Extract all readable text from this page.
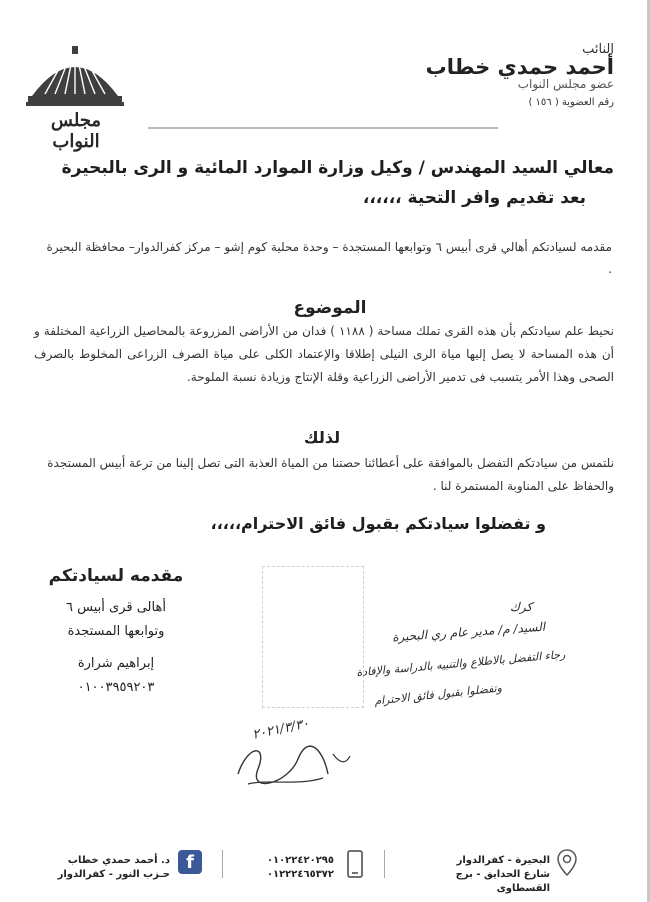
مجلس النواب
النائب
أحمد حمدي خطاب
عضو مجلس النواب
رقم العضوية ( ١٥٦ )
معالي السيد المهندس / وكيل وزارة الموارد المائية و الرى بالبحيرة
بعد تقديم وافر التحية ،،،،،،
مقدمه لسيادتكم أهالي قرى أبيس ٦ وتوابعها المستجدة – وحدة محلية كوم إشو – مركز كفرالدوار– محافظة البحيرة .
الموضوع
نحيط علم سيادتكم بأن هذه القرى تملك مساحة ( ١١٨٨ ) فدان من الأراضى المزروعة بالمحاصيل الزراعية المختلفة و أن هذه المساحة لا يصل إليها مياة الرى النيلى إطلاقا والإعتماد الكلى على مياة الصرف الزراعى المخلوط بالصرف الصحى وهذا الأمر يتسبب فى تدمير الأراضى الزراعية وقلة الإنتاج وزيادة نسبة الملوحة.
لذلك
نلتمس من سيادتكم التفضل بالموافقة على أعطائنا حصتنا من المياة العذبة التى تصل إلينا من ترعة أبيس المستجدة والحفاظ على المناوبة المستمرة لنا .
و تفضلوا سيادتكم بقبول فائق الاحترام،،،،،
مقدمه لسيادتكم
أهالى قرى أبيس ٦
وتوابعها المستجدة
إبراهيم شرارة
٠١٠٠٣٩٥٩٢٠٣
كرك
السيد/ م/ مدير عام ري البحيرة
رجاء التفضل بالاطلاع والتنبيه بالدراسة والإفادة
وتفضلوا بقبول فائق الاحترام
٢٠٢١/٣/٣٠
د. أحمد حمدي خطاب
حـزب النور - كفرالدوار
f	٠١٠٢٢٤٢٠٢٩٥
٠١٢٢٢٤٦٥٣٧٢
البحيرة - كفرالدوار
شارع الحدايق - برج القسطاوى
